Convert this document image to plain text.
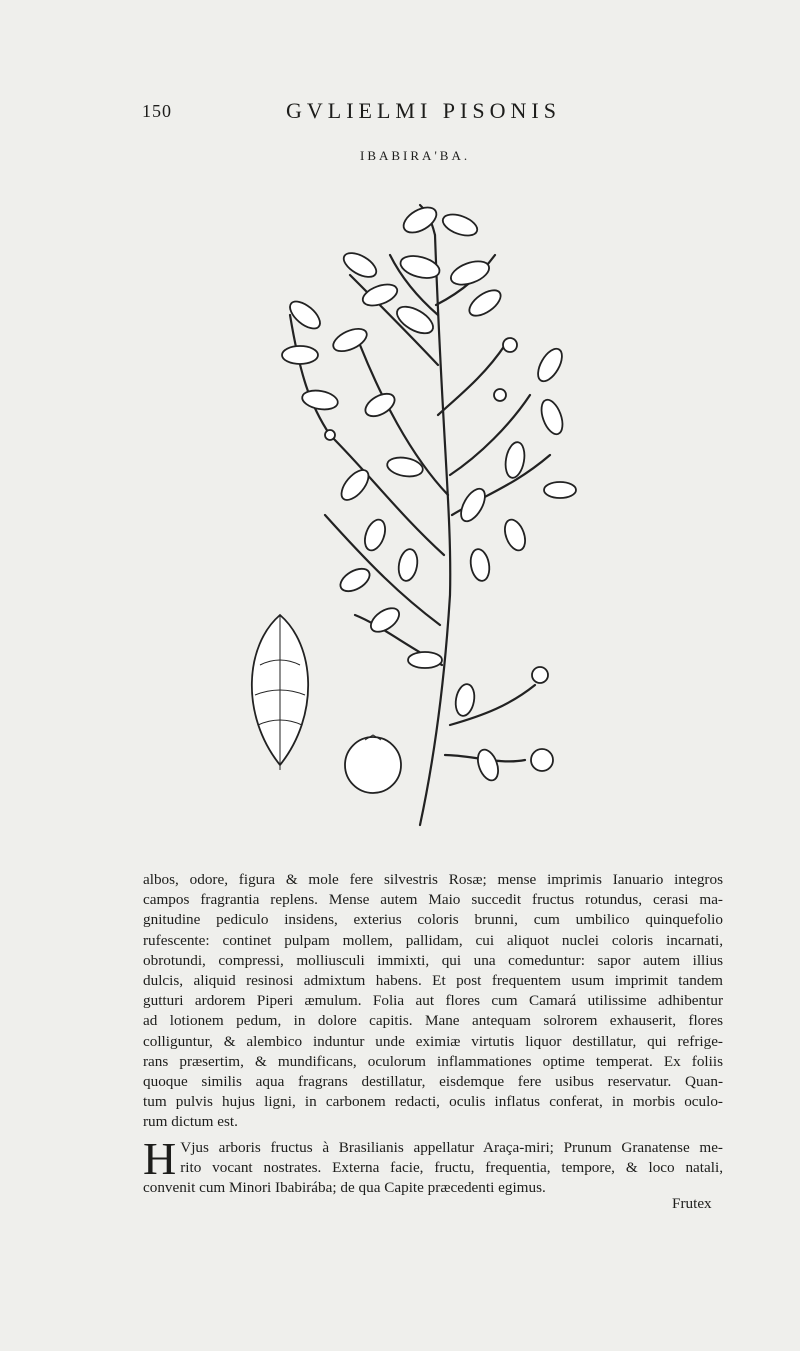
150	GVLIELMI PISONIS
IBABIRA'BA.
albos, odore, figura & mole fere silvestris Rosæ; mense imprimis Ianuario integros
campos fragrantia replens. Mense autem Maio succedit fructus rotundus, cerasi ma-
gnitudine pediculo insidens, exterius coloris brunni, cum umbilico quinquefolio
rufescente: continet pulpam mollem, pallidam, cui aliquot nuclei coloris incarnati,
obrotundi, compressi, molliusculi immixti, qui una comeduntur: sapor autem illius
dulcis, aliquid resinosi admixtum habens. Et post frequentem usum imprimit tandem
gutturi ardorem Piperi æmulum. Folia aut flores cum Camará utilissime adhibentur
ad lotionem pedum, in dolore capitis. Mane antequam solrorem exhauserit, flores
colliguntur, & alembico induntur unde eximiæ virtutis liquor destillatur, qui refrige-
rans præsertim, & mundificans, oculorum inflammationes optime temperat. Ex foliis
quoque similis aqua fragrans destillatur, eisdemque fere usibus reservatur. Quan-
tum pulvis hujus ligni, in carbonem redacti, oculis inflatus conferat, in morbis oculo-
rum dictum est.
H Vjus arboris fructus à Brasilianis appellatur Araça-miri; Prunum Granatense me-
rito vocant nostrates. Externa facie, fructu, frequentia, tempore, & loco natali,
convenit cum Minori Ibabirába; de qua Capite præcedenti egimus.
Frutex
